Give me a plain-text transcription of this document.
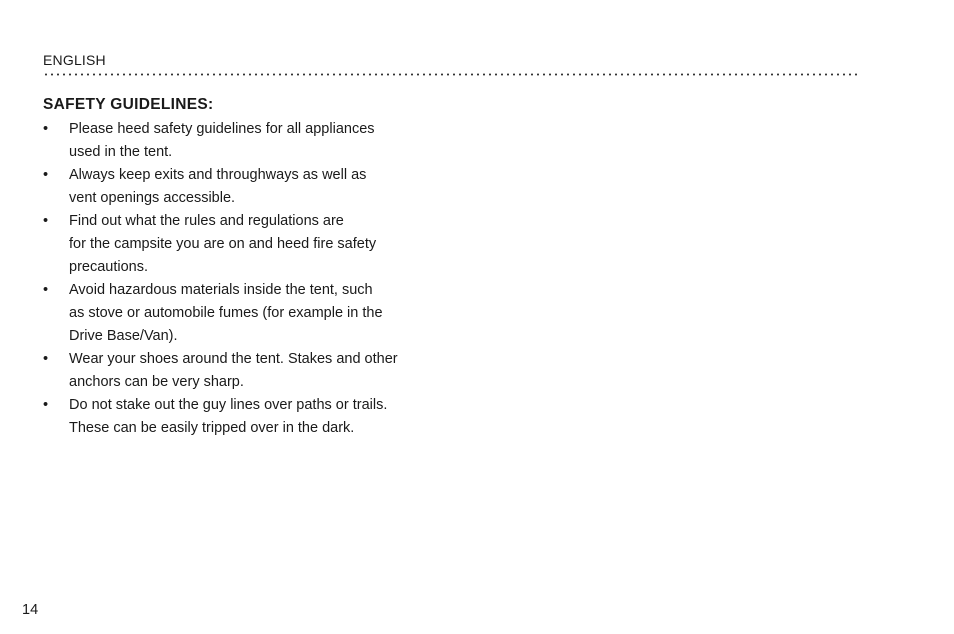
ENGLISH
SAFETY GUIDELINES:
•	Please heed safety guidelines for all appliances
used in the tent.
•	Always keep exits and throughways as well as
vent openings accessible.
•	Find out what the rules and regulations are
for the campsite you are on and heed fire safety
precautions.
•	Avoid hazardous materials inside the tent, such
as stove or automobile fumes (for example in the
Drive Base/Van).
•	Wear your shoes around the tent. Stakes and other
anchors can be very sharp.
•	Do not stake out the guy lines over paths or trails.
These can be easily tripped over in the dark.
14
